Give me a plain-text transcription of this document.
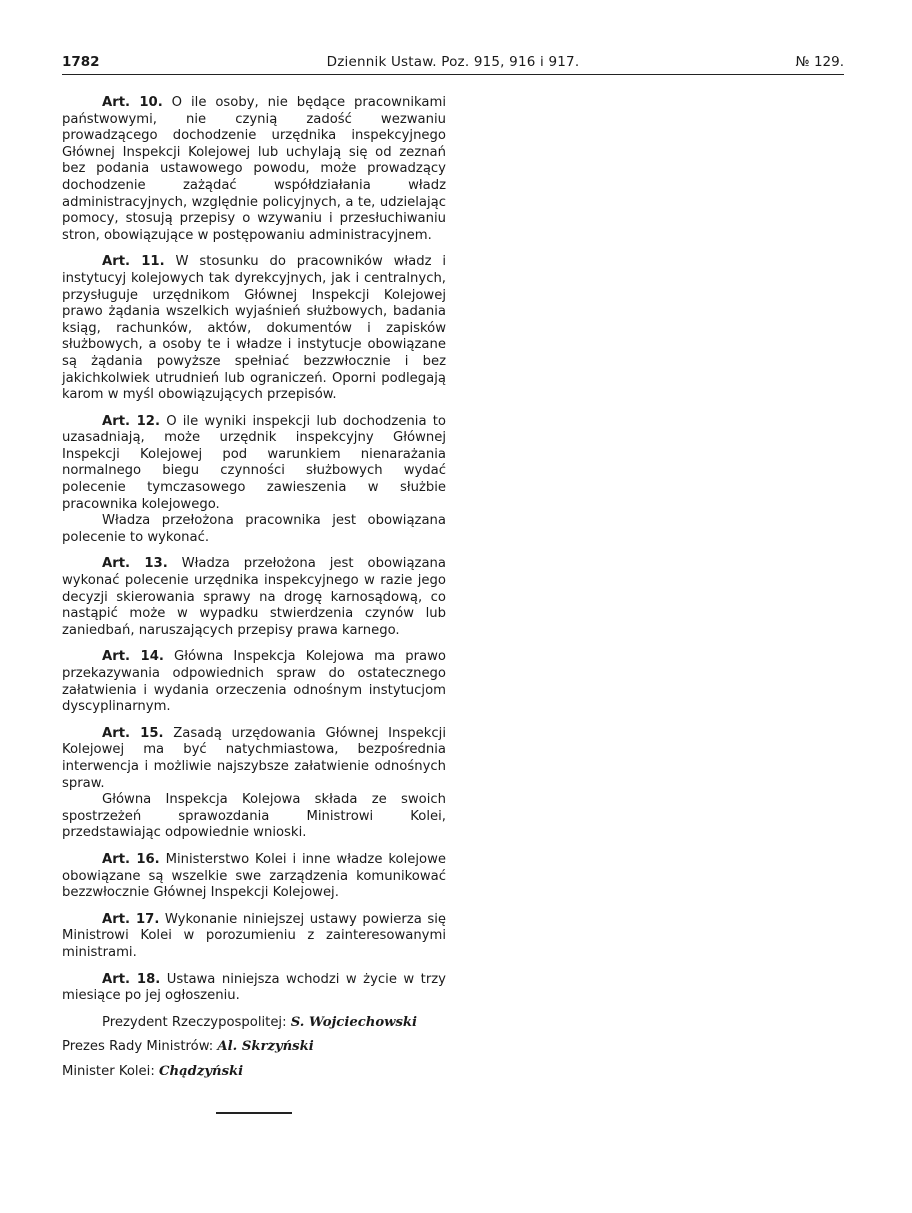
1782	Dziennik Ustaw. Poz. 915, 916 i 917.	№ 129.

Art. 10. O ile osoby, nie będące pracownikami państwowymi, nie czynią zadość wezwaniu prowadzącego dochodzenie urzędnika inspekcyjnego Głównej Inspekcji Kolejowej lub uchylają się od zeznań bez podania ustawowego powodu, może prowadzący dochodzenie zażądać współdziałania władz administracyjnych, względnie policyjnych, a te, udzielając pomocy, stosują przepisy o wzywaniu i przesłuchiwaniu stron, obowiązujące w postępowaniu administracyjnem.

Art. 11. W stosunku do pracowników władz i instytucyj kolejowych tak dyrekcyjnych, jak i centralnych, przysługuje urzędnikom Głównej Inspekcji Kolejowej prawo żądania wszelkich wyjaśnień służbowych, badania ksiąg, rachunków, aktów, dokumentów i zapisków służbowych, a osoby te i władze i instytucje obowiązane są żądania powyższe spełniać bezzwłocznie i bez jakichkolwiek utrudnień lub ograniczeń. Oporni podlegają karom w myśl obowiązujących przepisów.

Art. 12. O ile wyniki inspekcji lub dochodzenia to uzasadniają, może urzędnik inspekcyjny Głównej Inspekcji Kolejowej pod warunkiem nienarażania normalnego biegu czynności służbowych wydać polecenie tymczasowego zawieszenia w służbie pracownika kolejowego.

Władza przełożona pracownika jest obowiązana polecenie to wykonać.

Art. 13. Władza przełożona jest obowiązana wykonać polecenie urzędnika inspekcyjnego w razie jego decyzji skierowania sprawy na drogę karnosądową, co nastąpić może w wypadku stwierdzenia czynów lub zaniedbań, naruszających przepisy prawa karnego.

Art. 14. Główna Inspekcja Kolejowa ma prawo przekazywania odpowiednich spraw do ostatecznego załatwienia i wydania orzeczenia odnośnym instytucjom dyscyplinarnym.

Art. 15. Zasadą urzędowania Głównej Inspekcji Kolejowej ma być natychmiastowa, bezpośrednia interwencja i możliwie najszybsze załatwienie odnośnych spraw.

Główna Inspekcja Kolejowa składa ze swoich spostrzeżeń sprawozdania Ministrowi Kolei, przedstawiając odpowiednie wnioski.

Art. 16. Ministerstwo Kolei i inne władze kolejowe obowiązane są wszelkie swe zarządzenia komunikować bezzwłocznie Głównej Inspekcji Kolejowej.

Art. 17. Wykonanie niniejszej ustawy powierza się Ministrowi Kolei w porozumieniu z zainteresowanymi ministrami.

Art. 18. Ustawa niniejsza wchodzi w życie w trzy miesiące po jej ogłoszeniu.

Prezydent Rzeczypospolitej: S. Wojciechowski

Prezes Rady Ministrów: Al. Skrzyński

Minister Kolei: Chądzyński
